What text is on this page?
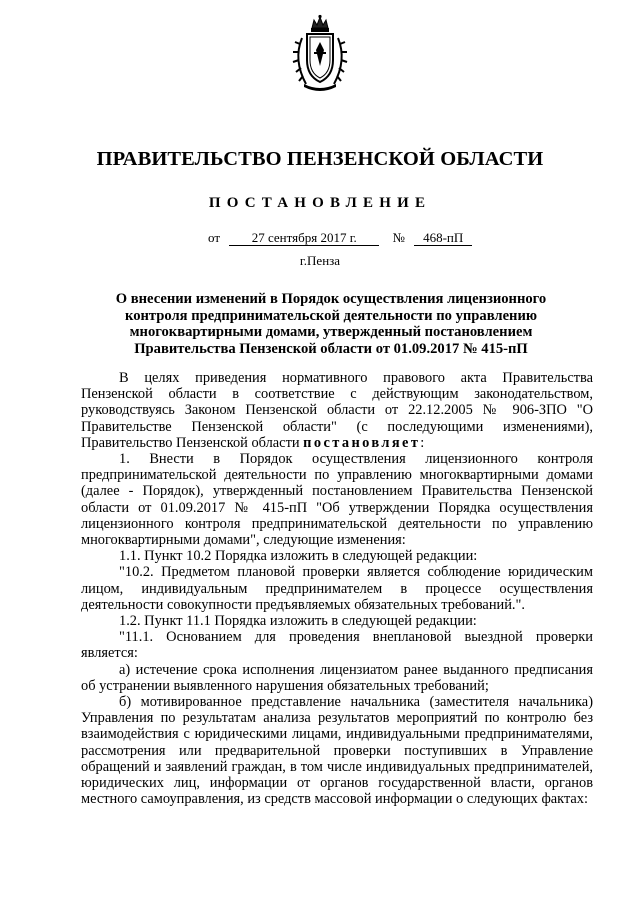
ПРАВИТЕЛЬСТВО ПЕНЗЕНСКОЙ ОБЛАСТИ
ПОСТАНОВЛЕНИЕ
от 27 сентября 2017 г.	№ 468-пП
г.Пенза
О внесении изменений в Порядок осуществления лицензионного контроля предпринимательской деятельности по управлению многоквартирными домами, утвержденный постановлением Правительства Пензенской области от 01.09.2017 № 415-пП

В целях приведения нормативного правового акта Правительства Пензенской области в соответствие с действующим законодательством, руководствуясь Законом Пензенской области от 22.12.2005 № 906-ЗПО "О Правительстве Пензенской области" (с последующими изменениями), Правительство Пензенской области постановляет:

1. Внести в Порядок осуществления лицензионного контроля предпринимательской деятельности по управлению многоквартирными домами (далее - Порядок), утвержденный постановлением Правительства Пензенской области от 01.09.2017 № 415-пП "Об утверждении Порядка осуществления лицензионного контроля предпринимательской деятельности по управлению многоквартирными домами", следующие изменения:

1.1. Пункт 10.2 Порядка изложить в следующей редакции:

"10.2. Предметом плановой проверки является соблюдение юридическим лицом, индивидуальным предпринимателем в процессе осуществления деятельности совокупности предъявляемых обязательных требований.".

1.2. Пункт 11.1 Порядка изложить в следующей редакции:

"11.1. Основанием для проведения внеплановой выездной проверки является:

а) истечение срока исполнения лицензиатом ранее выданного предписания об устранении выявленного нарушения обязательных требований;

б) мотивированное представление начальника (заместителя начальника) Управления по результатам анализа результатов мероприятий по контролю без взаимодействия с юридическими лицами, индивидуальными предпринимателями, рассмотрения или предварительной проверки поступивших в Управление обращений и заявлений граждан, в том числе индивидуальных предпринимателей, юридических лиц, информации от органов государственной власти, органов местного самоуправления, из средств массовой информации о следующих фактах:
